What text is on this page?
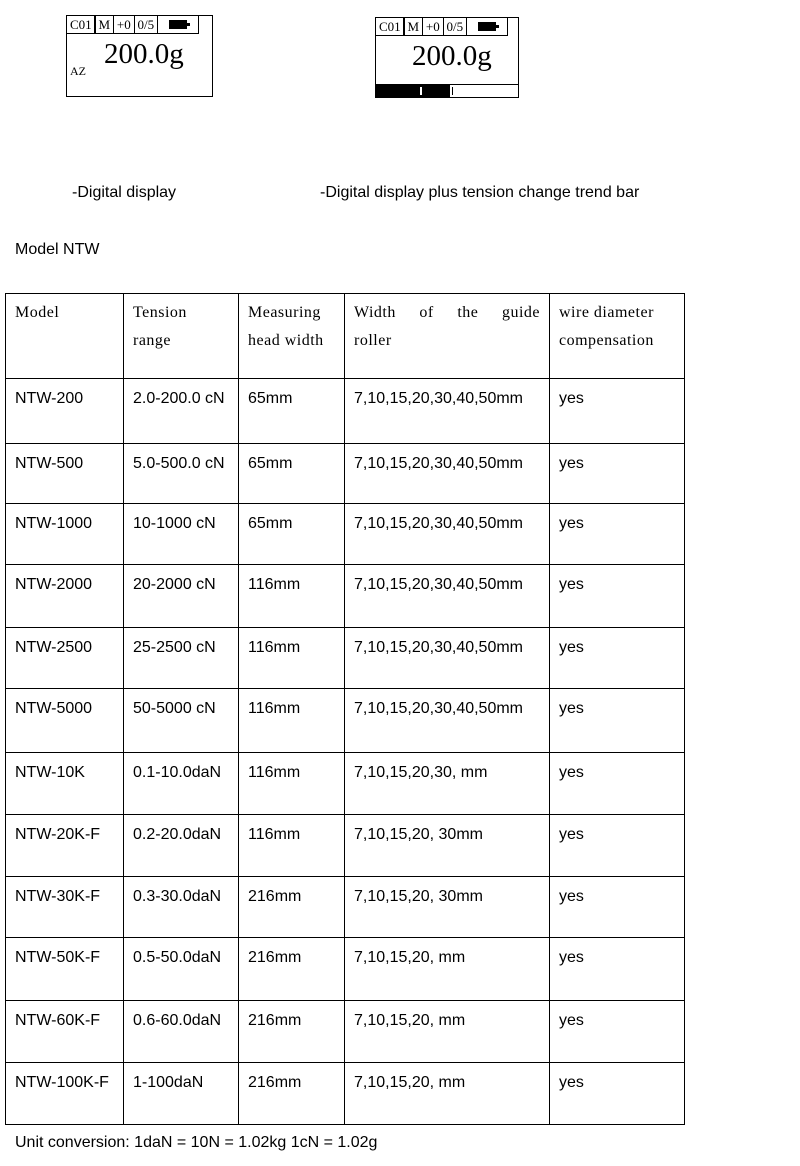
C01 M +0 0/5
200.0g
AZ
C01 M +0 0/5
200.0g
-Digital display	-Digital display plus tension change trend bar
Model NTW
Model	Tension range	Measuring head width	Width of the guide roller	wire diameter compensation
NTW-200	2.0-200.0 cN	65mm	7,10,15,20,30,40,50mm	yes
NTW-500	5.0-500.0 cN	65mm	7,10,15,20,30,40,50mm	yes
NTW-1000	10-1000 cN	65mm	7,10,15,20,30,40,50mm	yes
NTW-2000	20-2000 cN	116mm	7,10,15,20,30,40,50mm	yes
NTW-2500	25-2500 cN	116mm	7,10,15,20,30,40,50mm	yes
NTW-5000	50-5000 cN	116mm	7,10,15,20,30,40,50mm	yes
NTW-10K	0.1-10.0daN	116mm	7,10,15,20,30, mm	yes
NTW-20K-F	0.2-20.0daN	116mm	7,10,15,20, 30mm	yes
NTW-30K-F	0.3-30.0daN	216mm	7,10,15,20, 30mm	yes
NTW-50K-F	0.5-50.0daN	216mm	7,10,15,20, mm	yes
NTW-60K-F	0.6-60.0daN	216mm	7,10,15,20, mm	yes
NTW-100K-F	1-100daN	216mm	7,10,15,20, mm	yes
Unit conversion: 1daN = 10N = 1.02kg 1cN = 1.02g
